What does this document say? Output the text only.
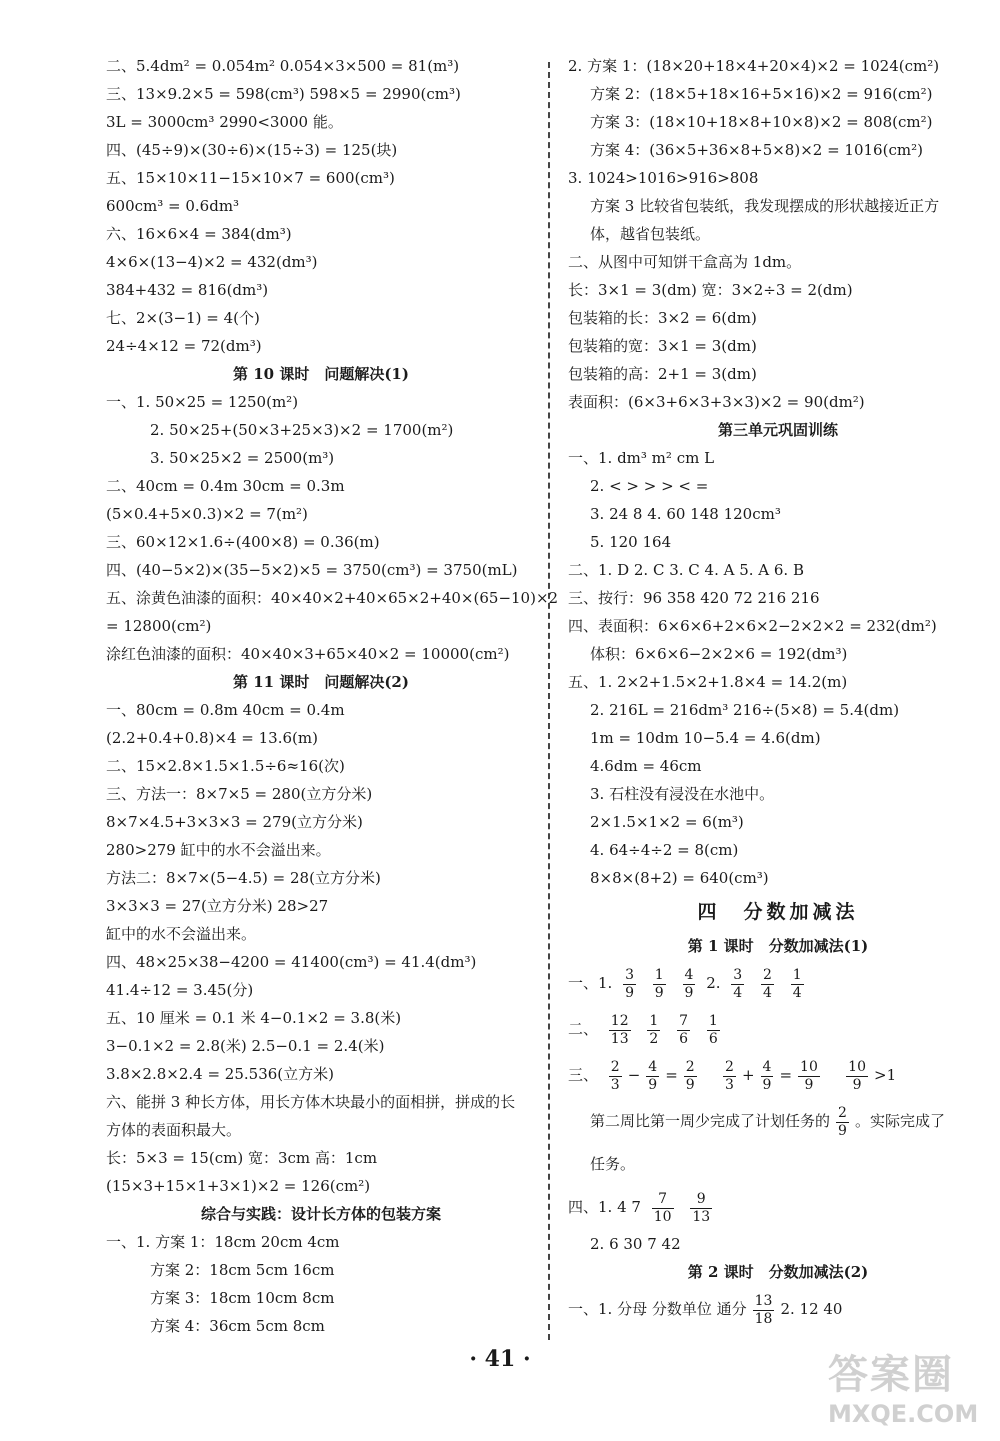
二、5.4dm² = 0.054m² 0.054×3×500 = 81(m³)
三、13×9.2×5 = 598(cm³) 598×5 = 2990(cm³)
3L = 3000cm³ 2990<3000 能。
四、(45÷9)×(30÷6)×(15÷3) = 125(块)
五、15×10×11−15×10×7 = 600(cm³)
600cm³ = 0.6dm³
六、16×6×4 = 384(dm³)
4×6×(13−4)×2 = 432(dm³)
384+432 = 816(dm³)
七、2×(3−1) = 4(个)
24÷4×12 = 72(dm³)
第 10 课时　问题解决(1)
一、1. 50×25 = 1250(m²)
2. 50×25+(50×3+25×3)×2 = 1700(m²)
3. 50×25×2 = 2500(m³)
二、40cm = 0.4m 30cm = 0.3m
(5×0.4+5×0.3)×2 = 7(m²)
三、60×12×1.6÷(400×8) = 0.36(m)
四、(40−5×2)×(35−5×2)×5 = 3750(cm³) = 3750(mL)
五、涂黄色油漆的面积：40×40×2+40×65×2+40×(65−10)×2
= 12800(cm²)
涂红色油漆的面积：40×40×3+65×40×2 = 10000(cm²)
第 11 课时　问题解决(2)
一、80cm = 0.8m 40cm = 0.4m
(2.2+0.4+0.8)×4 = 13.6(m)
二、15×2.8×1.5×1.5÷6≈16(次)
三、方法一：8×7×5 = 280(立方分米)
8×7×4.5+3×3×3 = 279(立方分米)
280>279 缸中的水不会溢出来。
方法二：8×7×(5−4.5) = 28(立方分米)
3×3×3 = 27(立方分米) 28>27
缸中的水不会溢出来。
四、48×25×38−4200 = 41400(cm³) = 41.4(dm³)
41.4÷12 = 3.45(分)
五、10 厘米 = 0.1 米 4−0.1×2 = 3.8(米)
3−0.1×2 = 2.8(米) 2.5−0.1 = 2.4(米)
3.8×2.8×2.4 = 25.536(立方米)
六、能拼 3 种长方体，用长方体木块最小的面相拼，拼成的长
方体的表面积最大。
长：5×3 = 15(cm) 宽：3cm 高：1cm
(15×3+15×1+3×1)×2 = 126(cm²)
综合与实践：设计长方体的包装方案
一、1. 方案 1：18cm 20cm 4cm
方案 2：18cm 5cm 16cm
方案 3：18cm 10cm 8cm
方案 4：36cm 5cm 8cm
2. 方案 1：(18×20+18×4+20×4)×2 = 1024(cm²)
方案 2：(18×5+18×16+5×16)×2 = 916(cm²)
方案 3：(18×10+18×8+10×8)×2 = 808(cm²)
方案 4：(36×5+36×8+5×8)×2 = 1016(cm²)
3. 1024>1016>916>808
方案 3 比较省包装纸，我发现摆成的形状越接近正方
体，越省包装纸。
二、从图中可知饼干盒高为 1dm。
长：3×1 = 3(dm) 宽：3×2÷3 = 2(dm)
包装箱的长：3×2 = 6(dm)
包装箱的宽：3×1 = 3(dm)
包装箱的高：2+1 = 3(dm)
表面积：(6×3+6×3+3×3)×2 = 90(dm²)
第三单元巩固训练
一、1. dm³ m² cm L
2. < > > > < =
3. 24 8 4. 60 148 120cm³
5. 120 164
二、1. D 2. C 3. C 4. A 5. A 6. B
三、按行：96 358 420 72 216 216
四、表面积：6×6×6+2×6×2−2×2×2 = 232(dm²)
体积：6×6×6−2×2×6 = 192(dm³)
五、1. 2×2+1.5×2+1.8×4 = 14.2(m)
2. 216L = 216dm³ 216÷(5×8) = 5.4(dm)
1m = 10dm 10−5.4 = 4.6(dm)
4.6dm = 46cm
3. 石柱没有浸没在水池中。
2×1.5×1×2 = 6(m³)
4. 64÷4÷2 = 8(cm)
8×8×(8+2) = 640(cm³)
四　分数加减法
第 1 课时　分数加减法(1)
一、1. $\frac{3}{9}$
$\frac{1}{9}$
$\frac{4}{9} 2$. $\frac{3}{4}$
$\frac{2}{4}$
$\frac{1}{4}$
二、 $\frac{12}{13}$
$\frac{1}{2}$
$\frac{7}{6}$
$\frac{1}{6}$
三、 $\frac{2}{3} - \frac{4}{9} = \frac{2}{9}$
$\frac{2}{3} + \frac{4}{9} = \frac{10}{9}$
$\frac{10}{9} >1$
第二周比第一周少完成了计划任务的 $\frac{2}{9}$ 。实际完成了
任务。
四、1. 4 $7 \frac{7}{10}$
$\frac{9}{13}$
2. 6 30 7 42
第 2 课时　分数加减法(2)
一、1. 分母 分数单位 通分 $\frac{13}{18} 2$. 12 40
· 41 ·	答案圈
MXQE.COM
